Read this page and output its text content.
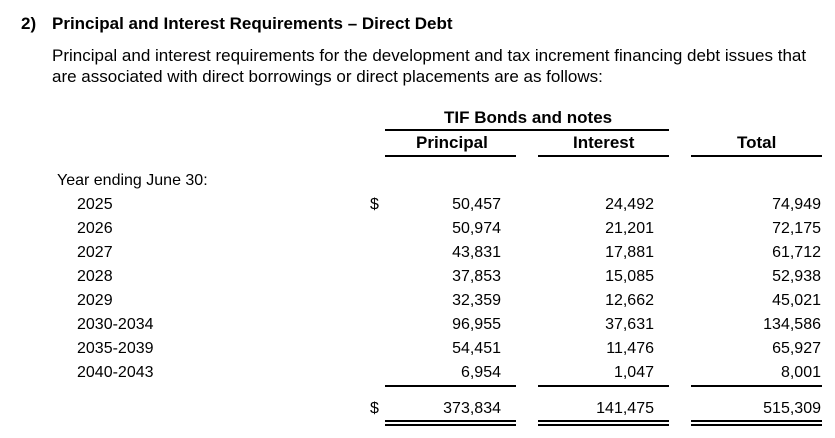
2) Principal and Interest Requirements – Direct Debt
Principal and interest requirements for the development and tax increment financing debt issues that are associated with direct borrowings or direct placements are as follows:
TIF Bonds and notes
Principal	Interest	Total
Year ending June 30:
2025	$	50,457	24,492	74,949
2026	50,974	21,201	72,175
2027	43,831	17,881	61,712
2028	37,853	15,085	52,938
2029	32,359	12,662	45,021
2030-2034	96,955	37,631	134,586
2035-2039	54,451	11,476	65,927
2040-2043	6,954	1,047	8,001
$	373,834	141,475	515,309
